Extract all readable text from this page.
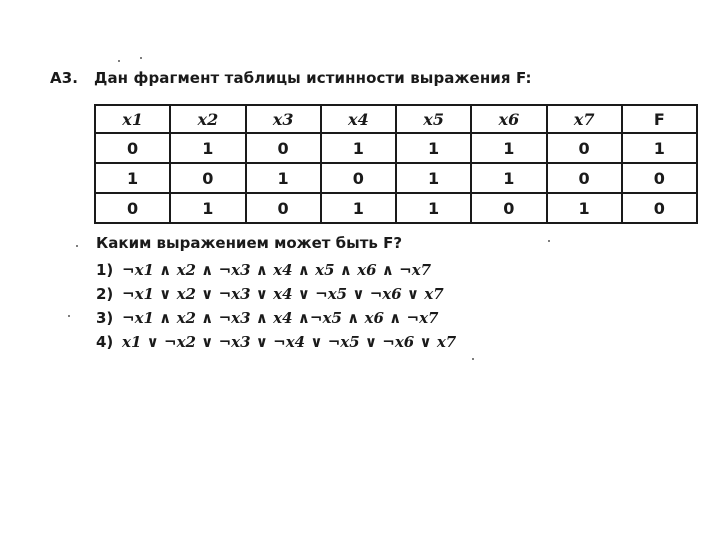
А3. Дан фрагмент таблицы истинности выражения F:
x1	x2	x3	x4	x5	x6	x7	F
0	1	0	1	1	1	0	1
1	0	1	0	1	1	0	0
0	1	0	1	1	0	1	0
Каким выражением может быть F?
1) ¬x1 ∧ x2 ∧ ¬x3 ∧ x4 ∧ x5 ∧ x6 ∧ ¬x7
2) ¬x1 ∨ x2 ∨ ¬x3 ∨ x4 ∨ ¬x5 ∨ ¬x6 ∨ x7
3) ¬x1 ∧ x2 ∧ ¬x3 ∧ x4 ∧¬x5 ∧ x6 ∧ ¬x7
4) x1 ∨ ¬x2 ∨ ¬x3 ∨ ¬x4 ∨ ¬x5 ∨ ¬x6 ∨ x7
